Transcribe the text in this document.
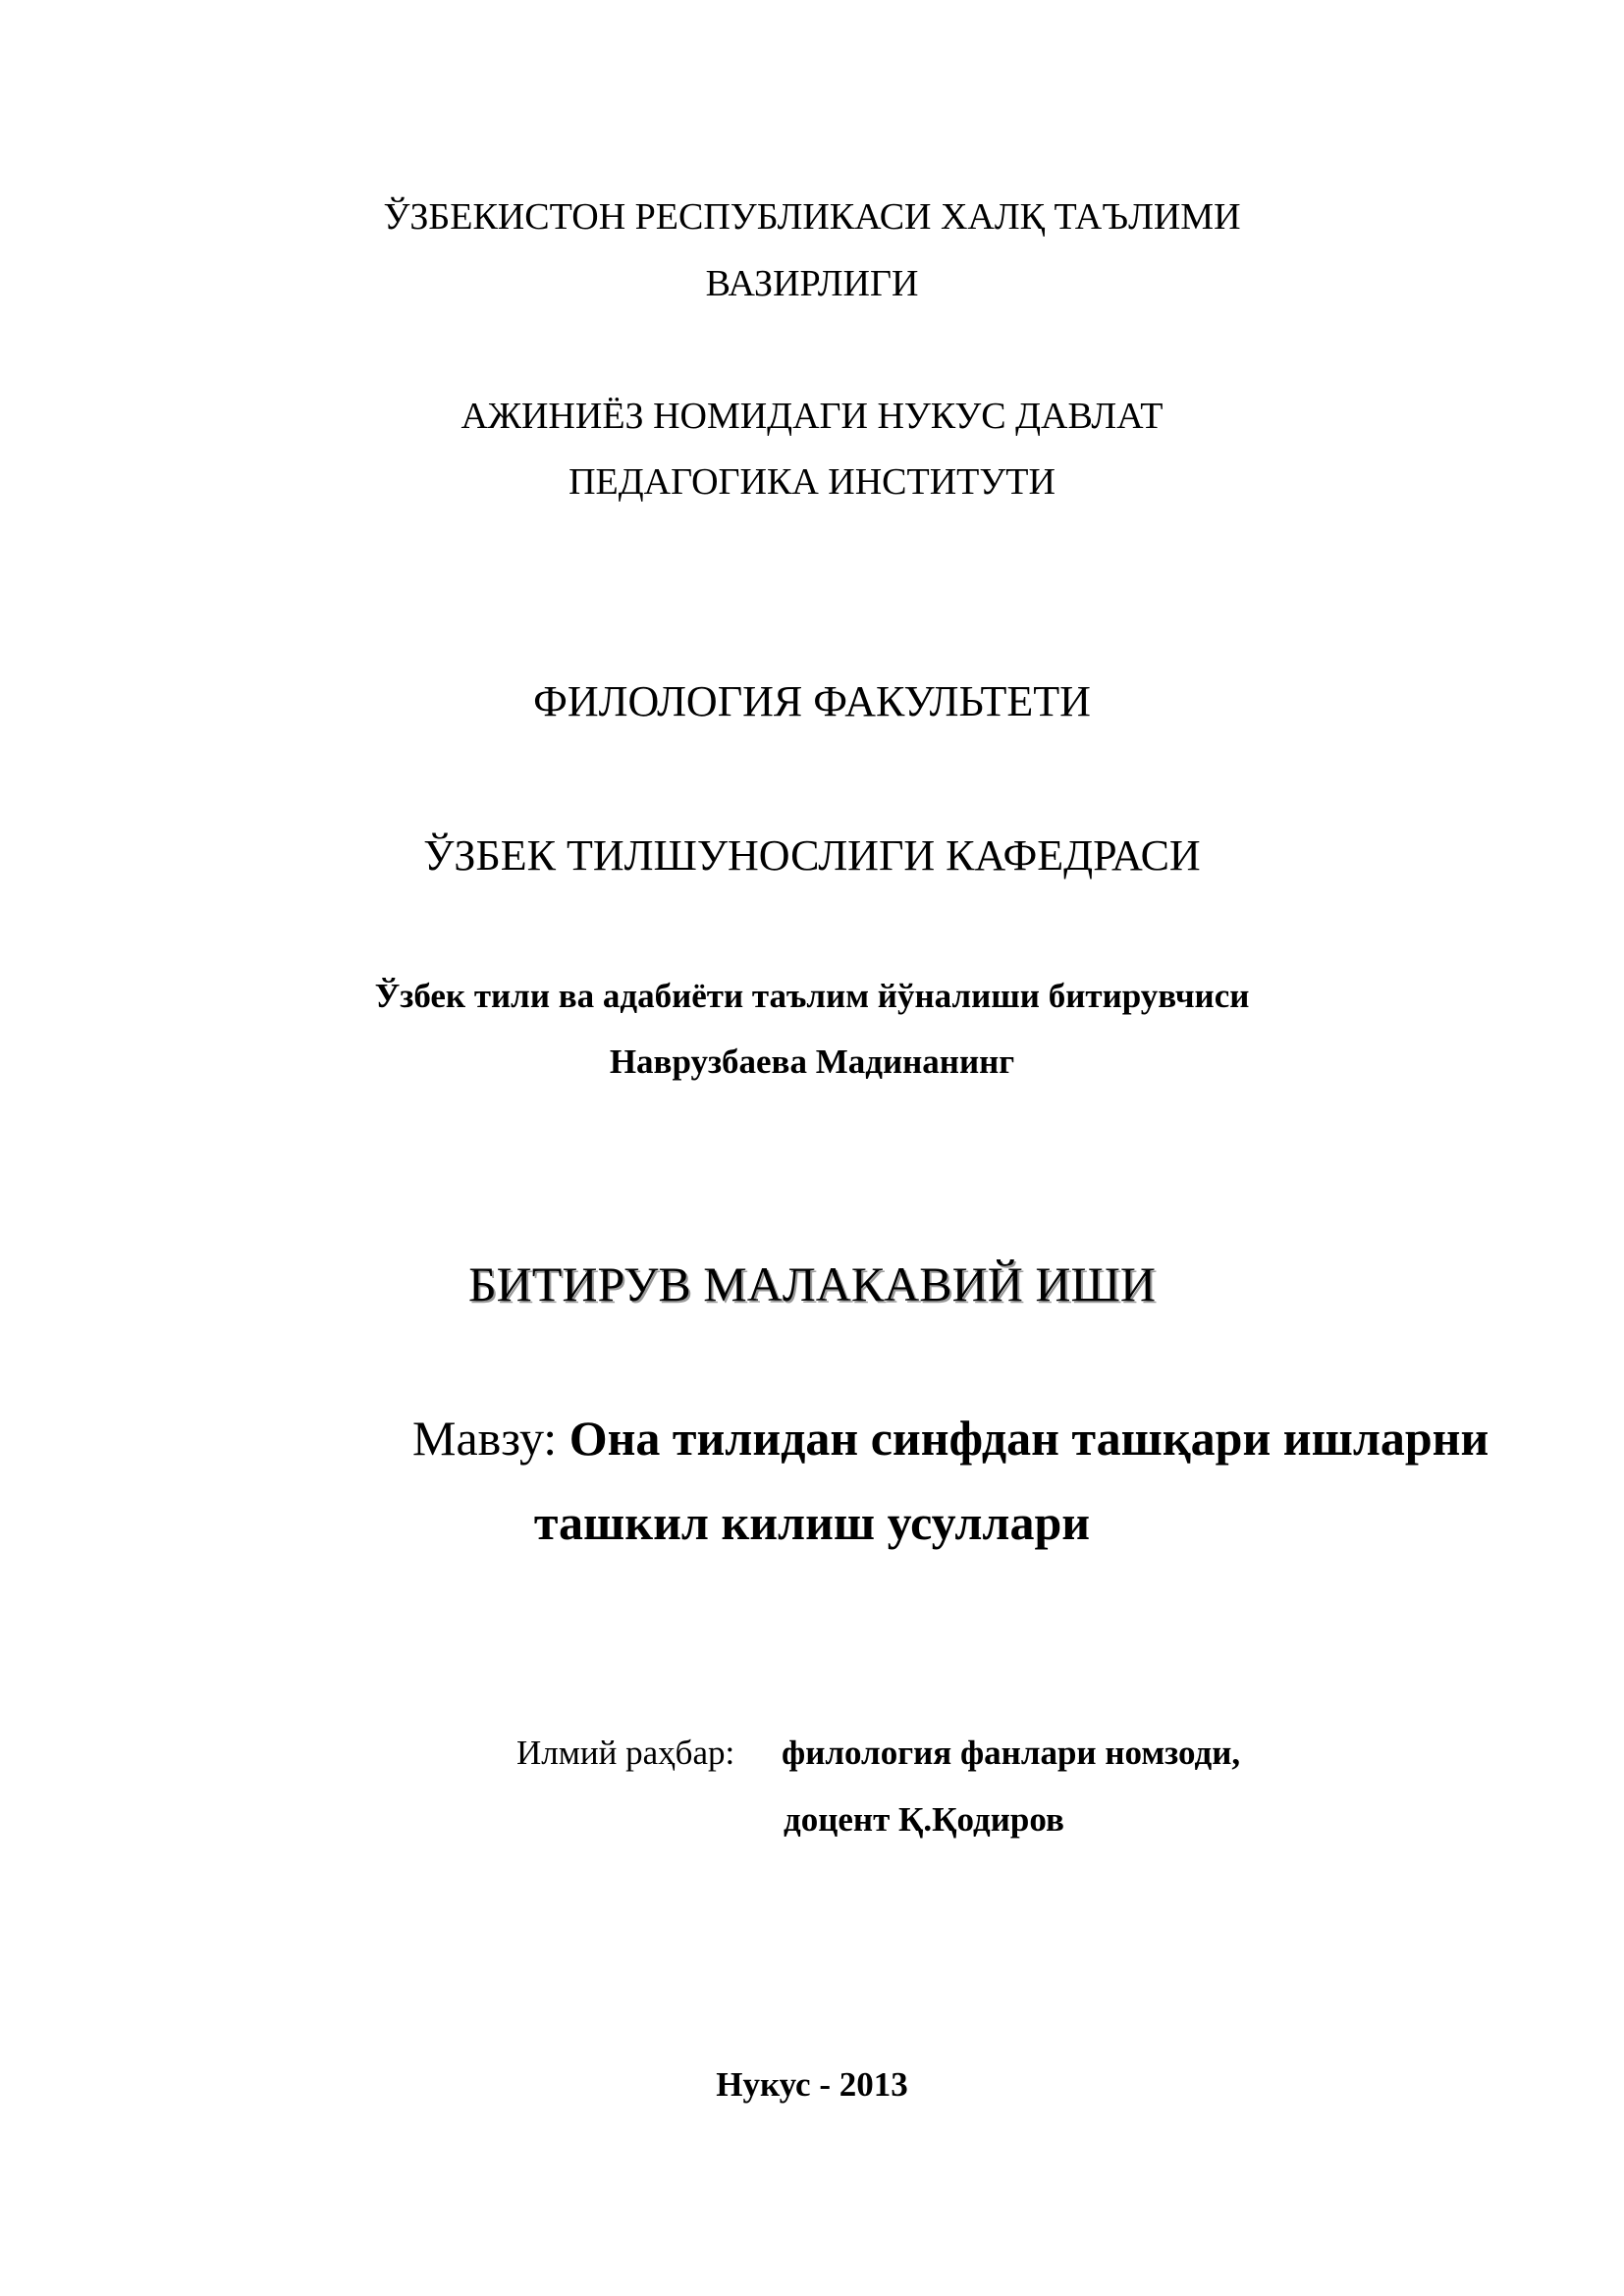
ЎЗБЕКИСТОН РЕСПУБЛИКАСИ ХАЛҚ ТАЪЛИМИ
ВАЗИРЛИГИ
АЖИНИЁЗ НОМИДАГИ НУКУС ДАВЛАТ
ПЕДАГОГИКА ИНСТИТУТИ
ФИЛОЛОГИЯ ФАКУЛЬТЕТИ
ЎЗБЕК ТИЛШУНОСЛИГИ КАФЕДРАСИ
Ўзбек тили ва адабиёти таълим йўналиши битирувчиси
Наврузбаева Мадинанинг
БИТИРУВ МАЛАКАВИЙ ИШИ
Мавзу: Она тилидан синфдан ташқари ишларни
ташкил килиш усуллари
Илмий раҳбар: филология фанлари номзоди,
доцент Қ.Қодиров
Нукус - 2013
